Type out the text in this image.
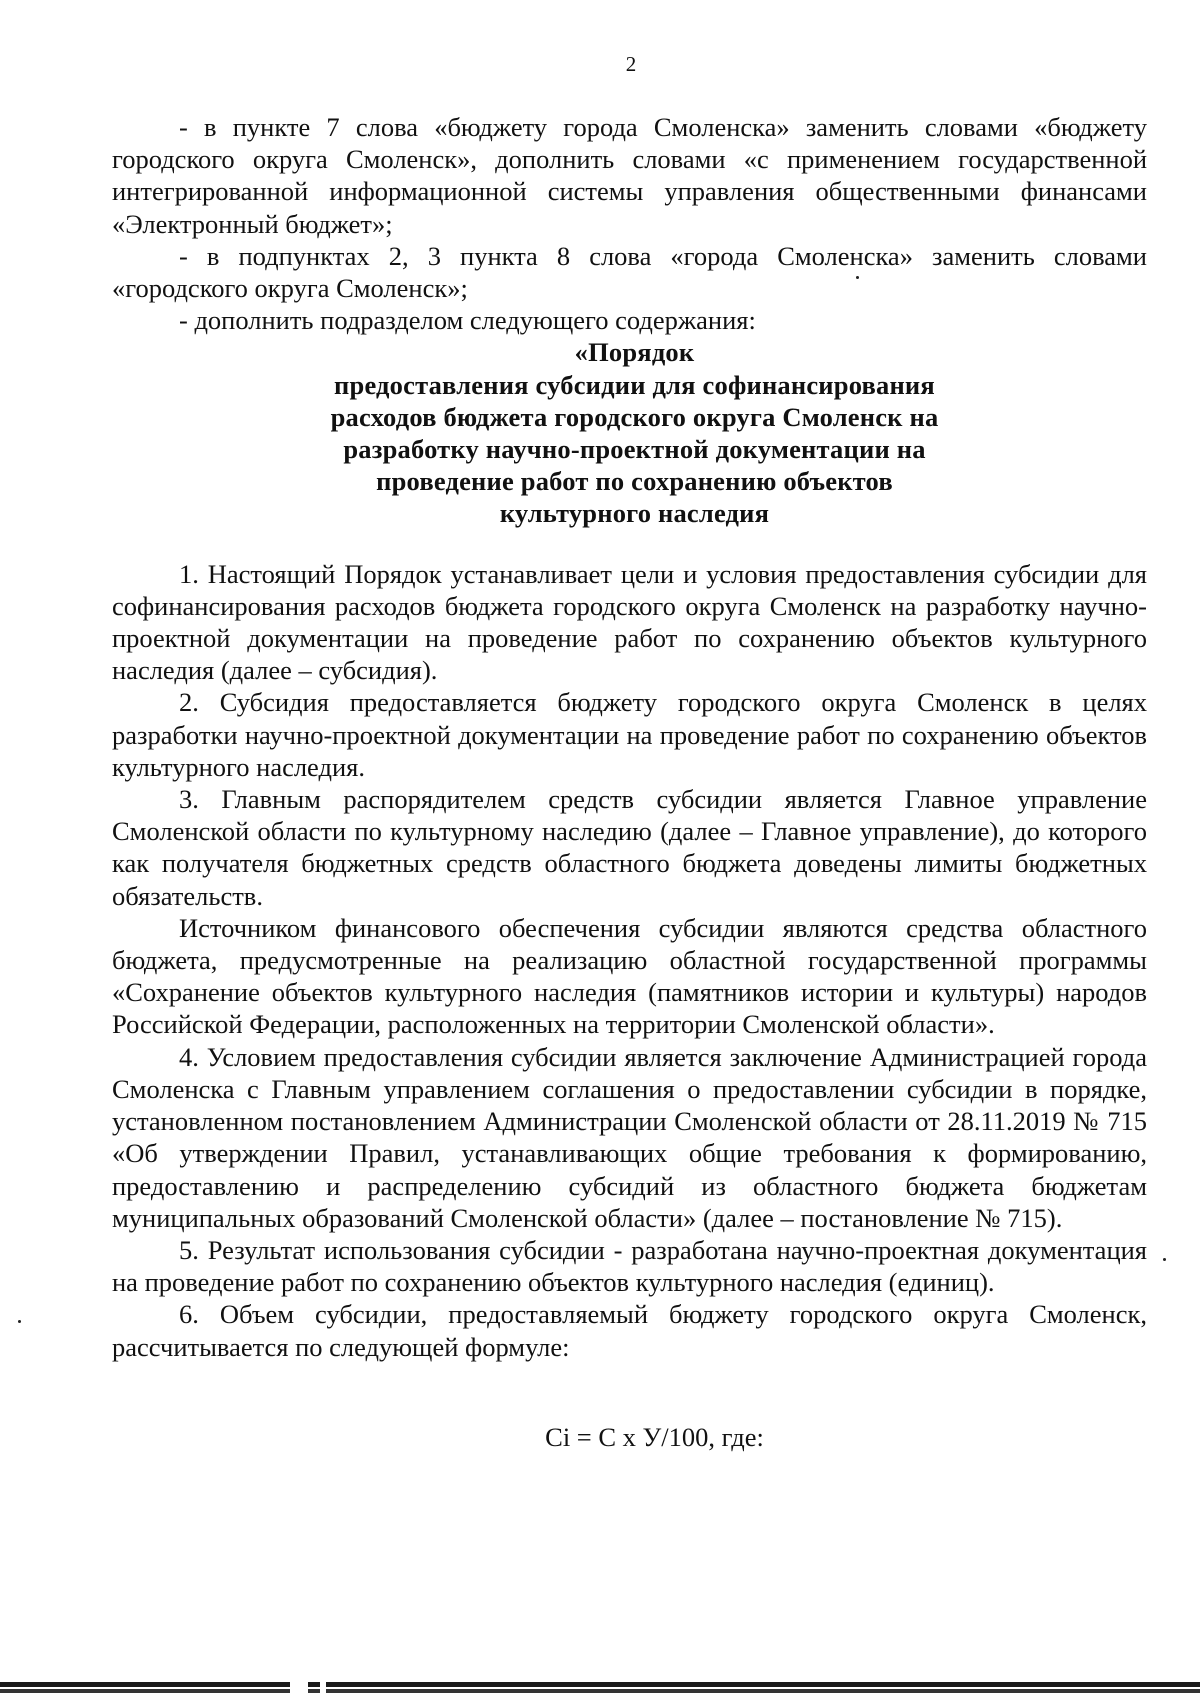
2

- в пункте 7 слова «бюджету города Смоленска» заменить словами «бюджету городского округа Смоленск», дополнить словами «с применением государственной интегрированной информационной системы управления общественными финансами «Электронный бюджет»;

- в подпунктах 2, 3 пункта 8 слова «города Смоленска» заменить словами «городского округа Смоленск»;

- дополнить подразделом следующего содержания:

«Порядок

предоставления субсидии для софинансирования

расходов бюджета городского округа Смоленск на

разработку научно-проектной документации на

проведение работ по сохранению объектов

культурного наследия

1. Настоящий Порядок устанавливает цели и условия предоставления субсидии для софинансирования расходов бюджета городского округа Смоленск на разработку научно-проектной документации на проведение работ по сохранению объектов культурного наследия (далее – субсидия).

2. Субсидия предоставляется бюджету городского округа Смоленск в целях разработки научно-проектной документации на проведение работ по сохранению объектов культурного наследия.

3. Главным распорядителем средств субсидии является Главное управление Смоленской области по культурному наследию (далее – Главное управление), до которого как получателя бюджетных средств областного бюджета доведены лимиты бюджетных обязательств.

Источником финансового обеспечения субсидии являются средства областного бюджета, предусмотренные на реализацию областной государственной программы «Сохранение объектов культурного наследия (памятников истории и культуры) народов Российской Федерации, расположенных на территории Смоленской области».

4. Условием предоставления субсидии является заключение Администрацией города Смоленска с Главным управлением соглашения о предоставлении субсидии в порядке, установленном постановлением Администрации Смоленской области от 28.11.2019 № 715 «Об утверждении Правил, устанавливающих общие требования к формированию, предоставлению и распределению субсидий из областного бюджета бюджетам муниципальных образований Смоленской области» (далее – постановление № 715).

5. Результат использования субсидии - разработана научно-проектная документация на проведение работ по сохранению объектов культурного наследия (единиц).

6. Объем субсидии, предоставляемый бюджету городского округа Смоленск, рассчитывается по следующей формуле:

Ci = C х У/100, где:
